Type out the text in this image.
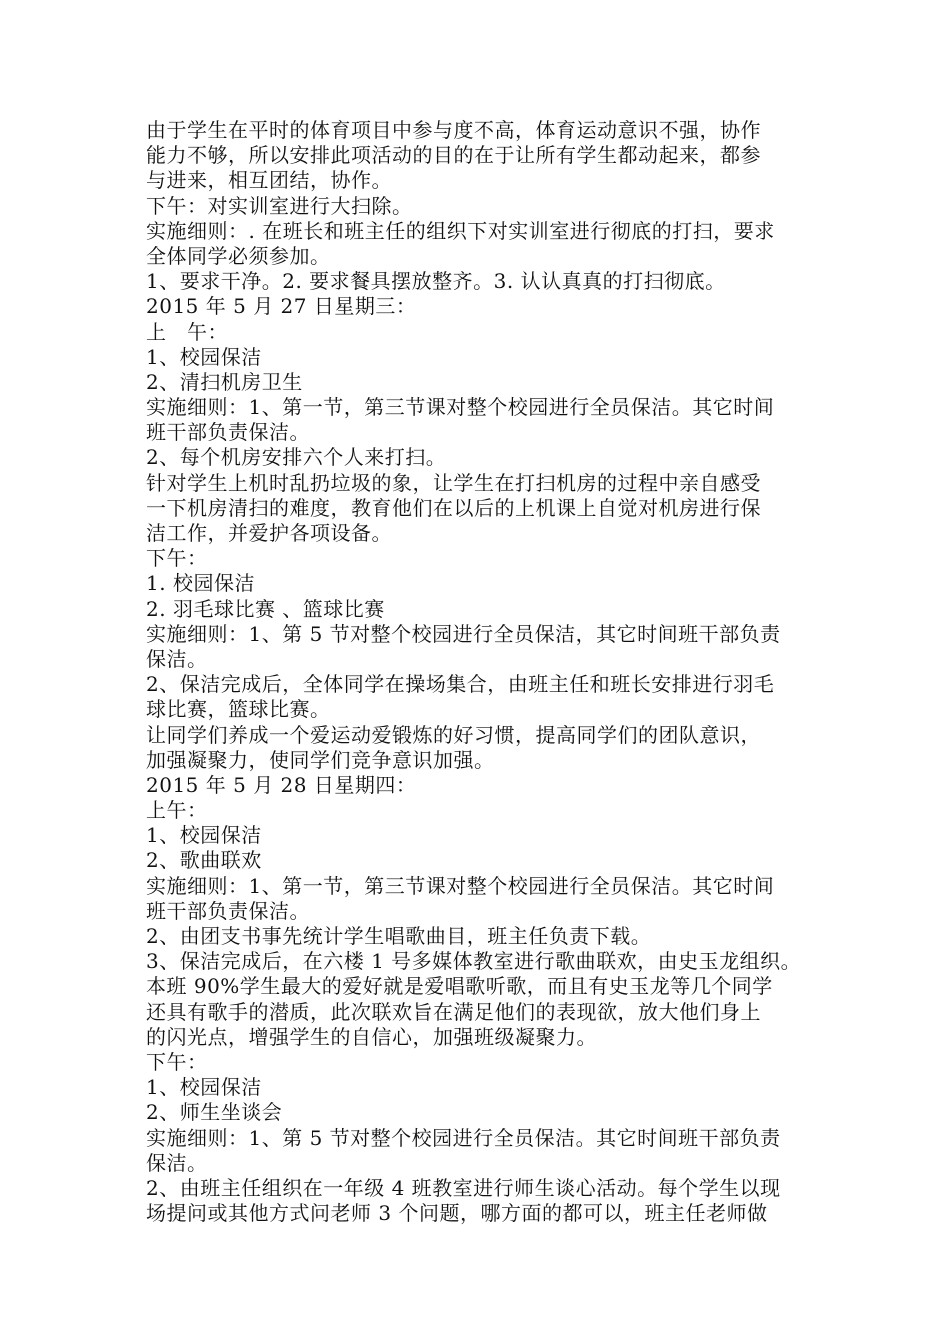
由于学生在平时的体育项目中参与度不高，体育运动意识不强，协作
能力不够，所以安排此项活动的目的在于让所有学生都动起来，都参
与进来，相互团结，协作。
下午：对实训室进行大扫除。
实施细则：. 在班长和班主任的组织下对实训室进行彻底的打扫，要求
全体同学必须参加。
1、要求干净。2. 要求餐具摆放整齐。3. 认认真真的打扫彻底。
2015 年 5 月 27 日星期三：
上　午：
1、校园保洁
2、清扫机房卫生
实施细则：1、第一节，第三节课对整个校园进行全员保洁。其它时间
班干部负责保洁。
2、每个机房安排六个人来打扫。
针对学生上机时乱扔垃圾的象，让学生在打扫机房的过程中亲自感受
一下机房清扫的难度，教育他们在以后的上机课上自觉对机房进行保
洁工作，并爱护各项设备。
下午：
1. 校园保洁
2. 羽毛球比赛 、篮球比赛
实施细则：1、第 5 节对整个校园进行全员保洁，其它时间班干部负责
保洁。
2、保洁完成后，全体同学在操场集合，由班主任和班长安排进行羽毛
球比赛，篮球比赛。
让同学们养成一个爱运动爱锻炼的好习惯，提高同学们的团队意识，
加强凝聚力，使同学们竞争意识加强。
2015 年 5 月 28 日星期四：
上午：
1、校园保洁
2、歌曲联欢
实施细则：1、第一节，第三节课对整个校园进行全员保洁。其它时间
班干部负责保洁。
2、由团支书事先统计学生唱歌曲目，班主任负责下载。
3、保洁完成后，在六楼 1 号多媒体教室进行歌曲联欢，由史玉龙组织。
本班 90%学生最大的爱好就是爱唱歌听歌，而且有史玉龙等几个同学
还具有歌手的潜质，此次联欢旨在满足他们的表现欲，放大他们身上
的闪光点，增强学生的自信心，加强班级凝聚力。
下午：
1、校园保洁
2、师生坐谈会
实施细则：1、第 5 节对整个校园进行全员保洁。其它时间班干部负责
保洁。
2、由班主任组织在一年级 4 班教室进行师生谈心活动。每个学生以现
场提问或其他方式问老师 3 个问题，哪方面的都可以，班主任老师做
